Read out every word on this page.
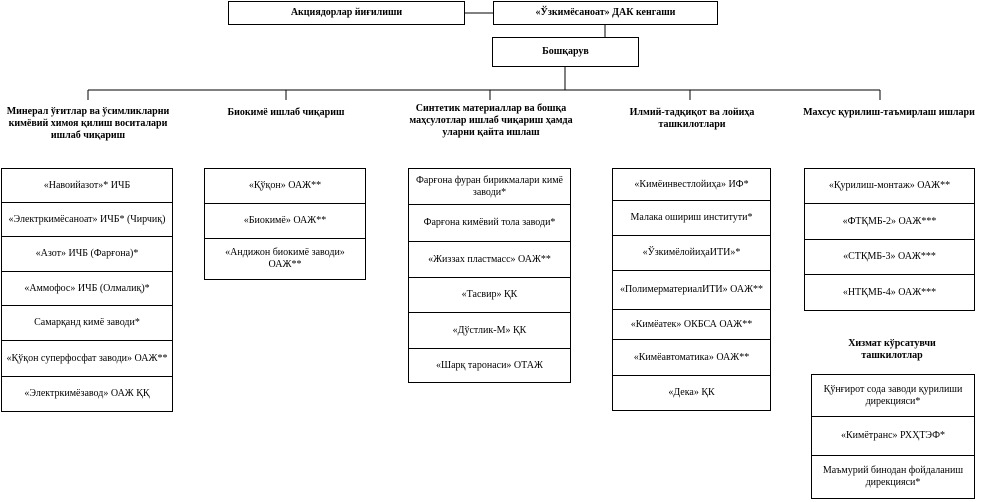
Акциядорлар йиғилиши	«Ўзкимёсаноат» ДАК кенгаши
Бошқарув
Минерал ўғитлар ва ўсимликларни кимёвий химоя қилиш воситалари ишлаб чиқариш
«Навоийазот»* ИЧБ
«Электркимёсаноат» ИЧБ* (Чирчиқ)
«Азот» ИЧБ (Фарғона)*
«Аммофос» ИЧБ (Олмалиқ)*
Самарқанд кимё заводи*
«Қўқон суперфосфат заводи» ОАЖ**
«Электркимёзавод» ОАЖ ҚҚ
Биокимё ишлаб чиқариш
«Қўқон» ОАЖ**
«Биокимё» ОАЖ**
«Андижон биокимё заводи» ОАЖ**
Синтетик материаллар ва бошқа маҳсулотлар ишлаб чиқариш ҳамда уларни қайта ишлаш
Фарғона фуран бирикмалари кимё заводи*
Фарғона кимёвий тола заводи*
«Жиззах пластмасс» ОАЖ**
«Тасвир» ҚК
«Дўстлик-М» ҚК
«Шарқ таронаси» ОТАЖ
Илмий-тадқиқот ва лойиҳа ташкилотлари
«Кимёинвестлойиҳа» ИФ*
Малака ошириш институти*
«ЎзкимёлойиҳаИТИ»*
«ПолимерматериалИТИ» ОАЖ**
«Кимёатек» ОКБСА ОАЖ**
«Кимёавтоматика» ОАЖ**
«Дека» ҚК
Махсус қурилиш-таъмирлаш ишлари
«Қурилиш-монтаж» ОАЖ**
«ФТҚМБ-2» ОАЖ***
«СТҚМБ-3» ОАЖ***
«НТҚМБ-4» ОАЖ***
Хизмат кўрсатувчи ташкилотлар
Қўнғирот сода заводи қурилиши дирекцияси*
«Кимётранс» РХҲТЭФ*
Маъмурий бинодан фойдаланиш дирекцияси*
